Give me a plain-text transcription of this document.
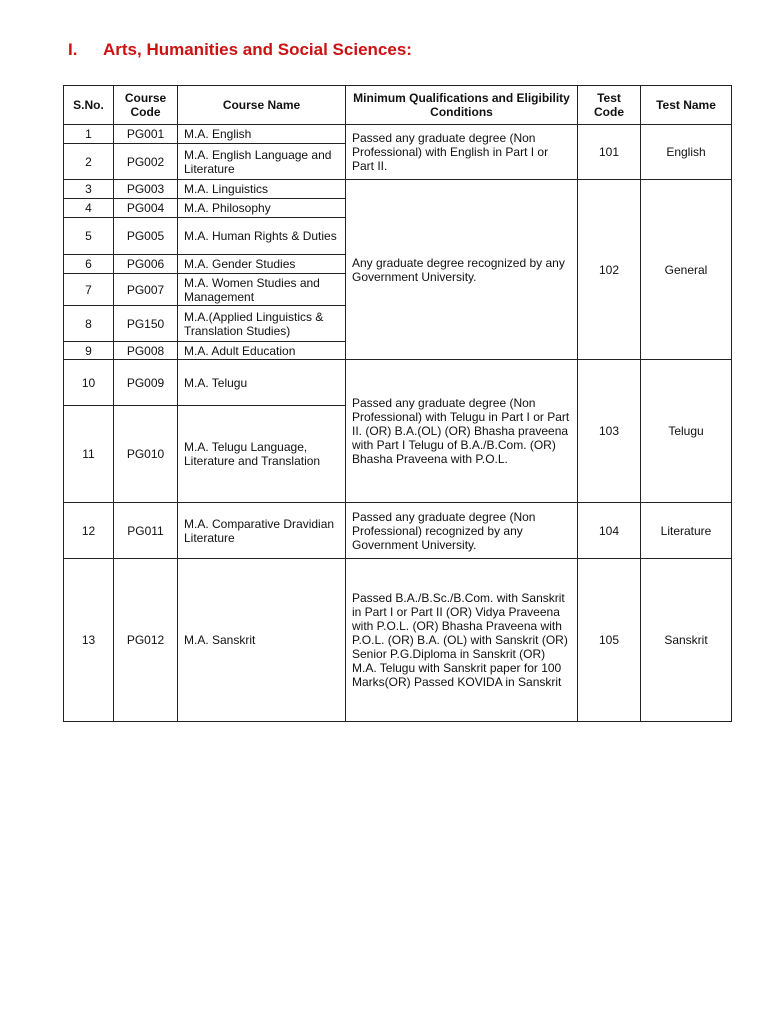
I. Arts, Humanities and Social Sciences:
S.No.	Course Code	Course Name	Minimum Qualifications and Eligibility Conditions	Test Code	Test Name
1	PG001	M.A. English	Passed any graduate degree (Non Professional) with English in Part I or Part II.	101	English
2	PG002	M.A. English Language and Literature			
3	PG003	M.A. Linguistics	Any graduate degree recognized by any Government University.	102	General
4	PG004	M.A. Philosophy			
5	PG005	M.A. Human Rights & Duties			
6	PG006	M.A. Gender Studies			
7	PG007	M.A. Women Studies and Management			
8	PG150	M.A.(Applied Linguistics & Translation Studies)			
9	PG008	M.A. Adult Education			
10	PG009	M.A. Telugu	Passed any graduate degree (Non Professional) with Telugu in Part I or Part II. (OR) B.A.(OL) (OR) Bhasha praveena with Part I Telugu of B.A./B.Com. (OR) Bhasha Praveena with P.O.L.	103	Telugu
11	PG010	M.A. Telugu Language, Literature and Translation			
12	PG011	M.A. Comparative Dravidian Literature	Passed any graduate degree (Non Professional) recognized by any Government University.	104	Literature
13	PG012	M.A. Sanskrit	Passed B.A./B.Sc./B.Com. with Sanskrit in Part I or Part II (OR) Vidya Praveena with P.O.L. (OR) Bhasha Praveena with P.O.L. (OR) B.A. (OL) with Sanskrit (OR) Senior P.G.Diploma in Sanskrit (OR) M.A. Telugu with Sanskrit paper for 100 Marks(OR) Passed KOVIDA in Sanskrit	105	Sanskrit
